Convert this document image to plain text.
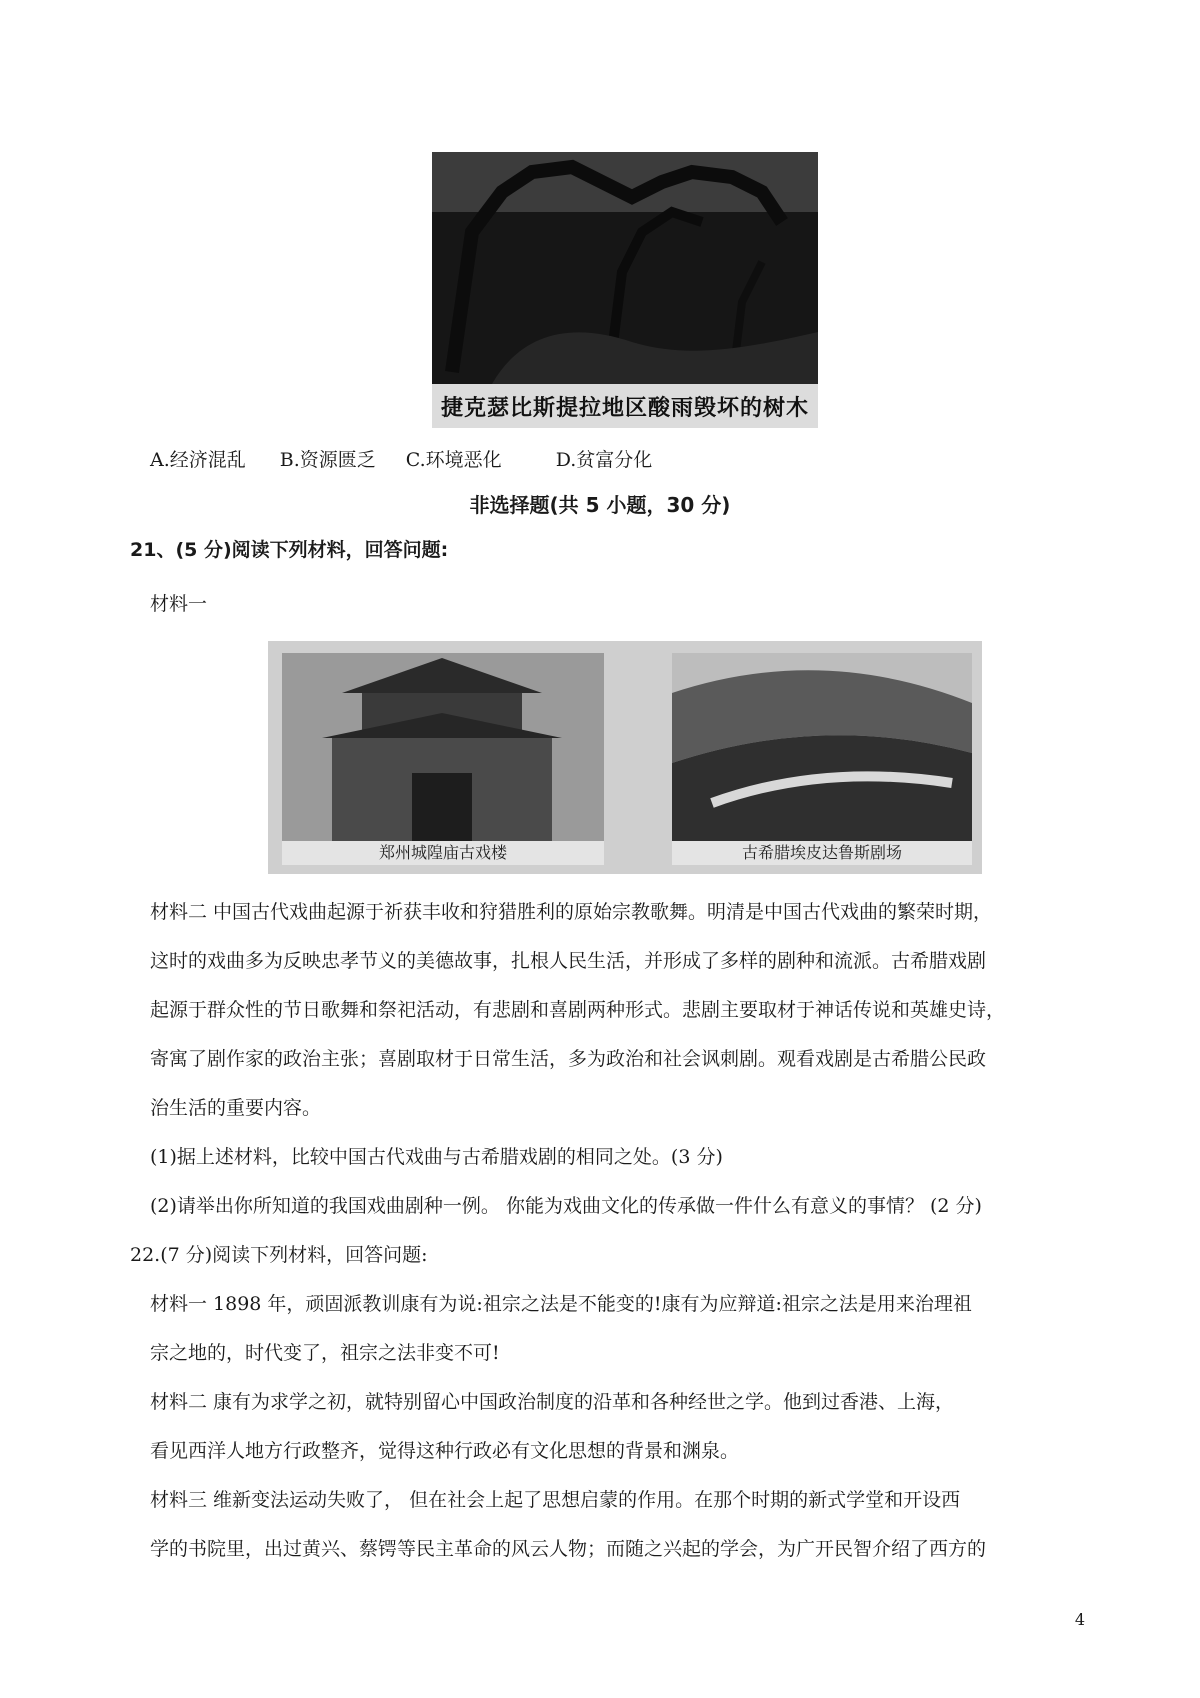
捷克瑟比斯提拉地区酸雨毁坏的树木
A.经济混乱 B.资源匮乏 C.环境恶化	D.贫富分化
非选择题(共 5 小题，30 分)
21、(5 分)阅读下列材料，回答问题:
材料一
郑州城隍庙古戏楼	古希腊埃皮达鲁斯剧场
材料二 中国古代戏曲起源于祈获丰收和狩猎胜利的原始宗教歌舞。明清是中国古代戏曲的繁荣时期，
这时的戏曲多为反映忠孝节义的美德故事，扎根人民生活，并形成了多样的剧种和流派。古希腊戏剧
起源于群众性的节日歌舞和祭祀活动，有悲剧和喜剧两种形式。悲剧主要取材于神话传说和英雄史诗，
寄寓了剧作家的政治主张；喜剧取材于日常生活，多为政治和社会讽刺剧。观看戏剧是古希腊公民政
治生活的重要内容。
(1)据上述材料，比较中国古代戏曲与古希腊戏剧的相同之处。(3 分)
(2)请举出你所知道的我国戏曲剧种一例。 你能为戏曲文化的传承做一件什么有意义的事情？ (2 分)
22.(7 分)阅读下列材料，回答问题:
材料一 1898 年，顽固派教训康有为说:祖宗之法是不能变的!康有为应辩道:祖宗之法是用来治理祖
宗之地的，时代变了，祖宗之法非变不可!
材料二 康有为求学之初，就特别留心中国政治制度的沿革和各种经世之学。他到过香港、上海，
看见西洋人地方行政整齐，觉得这种行政必有文化思想的背景和渊泉。
材料三 维新变法运动失败了， 但在社会上起了思想启蒙的作用。在那个时期的新式学堂和开设西
学的书院里，出过黄兴、蔡锷等民主革命的风云人物；而随之兴起的学会，为广开民智介绍了西方的
4
